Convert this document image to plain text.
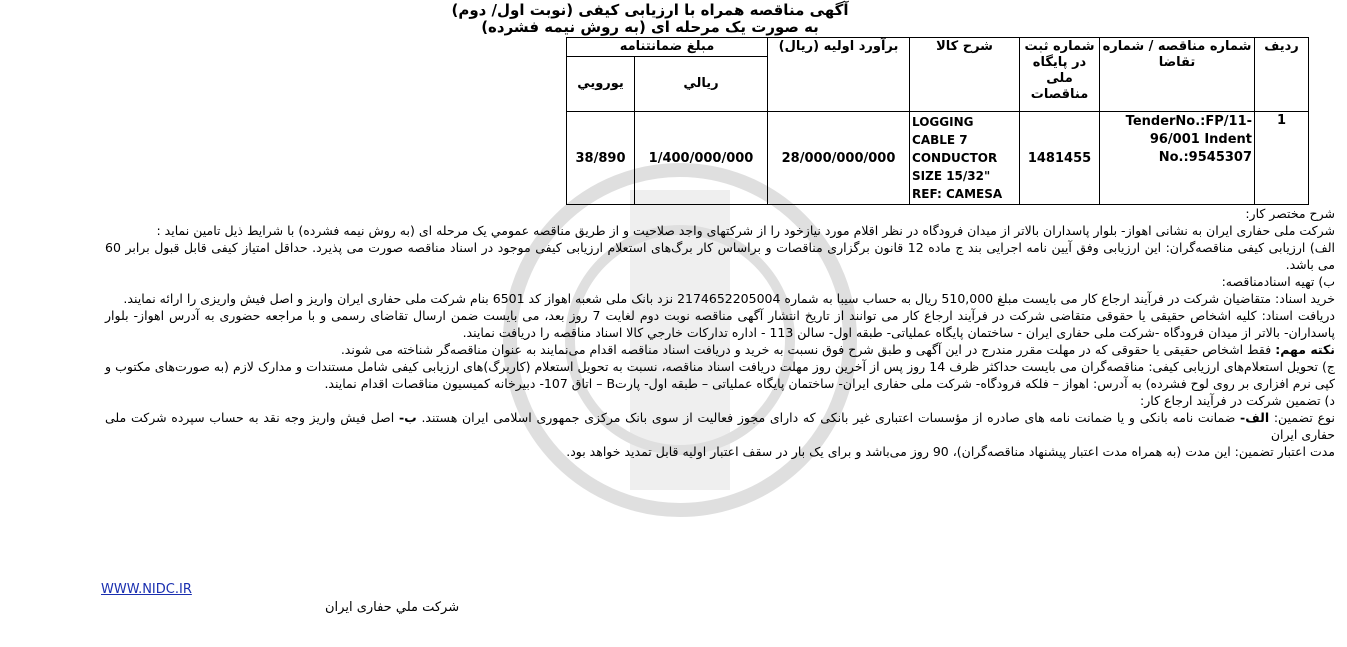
آگهی مناقصه همراه با ارزیابی کیفی (نوبت اول/ دوم)
به صورت یک مرحله ای (به روش نیمه فشرده)
ردیف	شماره مناقصه / شماره تقاضا	شماره ثبت در پایگاه ملی مناقصات	شرح کالا	برآورد اولیه (ریال)	مبلغ ضمانتنامه	
					ريالي	يورويي
1	TenderNo.:FP/11-96/001 Indent No.:9545307	1481455	LOGGING CABLE 7 CONDUCTOR SIZE 15/32" REF: CAMESA	28/000/000/000	1/400/000/000	38/890

شرح مختصر کار:

شرکت ملی حفاری ایران به نشانی اهواز- بلوار پاسداران بالاتر از میدان فرودگاه در نظر اقلام مورد نیازخود را از شرکتهای واجد صلاحیت و از طریق مناقصه عمومي یک مرحله ای (به روش نیمه فشرده) با شرایط ذیل تامین نماید :

الف) ارزیابی کیفی مناقصه‌گران: این ارزیابی وفق آیین نامه اجرایی بند ج ماده 12 قانون برگزاری مناقصات و براساس کار برگ‌های استعلام ارزیابی کیفی موجود در اسناد مناقصه صورت می پذیرد. حداقل امتیاز کیفی قابل قبول برابر 60 می باشد.

ب) تهیه اسنادمناقصه:

خرید اسناد: متقاضیان شرکت در فرآیند ارجاع کار می بایست مبلغ 510,000 ریال به حساب سیبا به شماره 2174652205004 نزد بانک ملی شعبه اهواز کد 6501 بنام شرکت ملی حفاری ایران واریز و اصل فیش واریزی را ارائه نمایند.

دریافت اسناد: کلیه اشخاص حقیقی یا حقوقی متقاضی شرکت در فرآیند ارجاع کار می توانند از تاریخ انتشار آگهی مناقصه نوبت دوم لغایت 7 روز بعد، می بایست ضمن ارسال تقاضای رسمی و با مراجعه حضوری به آدرس اهواز- بلوار پاسداران- بالاتر از میدان فرودگاه -شرکت ملی حفاری ایران - ساختمان پایگاه عملیاتی- طبقه اول- سالن 113 - اداره تدارکات خارجي کالا اسناد مناقصه را دریافت نمایند.

نکته مهم: فقط اشخاص حقیقی یا حقوقی که در مهلت مقرر مندرج در این آگهی و طبق شرح فوق نسبت به خرید و دریافت اسناد مناقصه اقدام می‌نمایند به عنوان مناقصه‌گر شناخته می شوند.

ج) تحویل استعلام‌های ارزیابی کیفی: مناقصه‌گران می بایست حداکثر ظرف 14 روز پس از آخرین روز مهلت دریافت اسناد مناقصه، نسبت به تحویل استعلام (کاربرگ)های ارزیابی کیفی شامل مستندات و مدارک لازم (به صورت‌های مکتوب و کپی نرم افزاری بر روی لوح فشرده) به آدرس: اهواز – فلکه فرودگاه- شرکت ملی حفاری ایران- ساختمان پایگاه عملیاتی – طبقه اول- پارتB – اتاق 107- دبیرخانه کمیسیون مناقصات اقدام نمایند.

د) تضمین شرکت در فرآیند ارجاع کار:

نوع تضمین: الف- ضمانت نامه بانکی و یا ضمانت نامه های صادره از مؤسسات اعتباری غیر بانکی که دارای مجوز فعالیت از سوی بانک مرکزی جمهوری اسلامی ایران هستند. ب- اصل فیش واریز وجه نقد به حساب سپرده شرکت ملی حفاری ایران

مدت اعتبار تضمین: این مدت (به همراه مدت اعتبار پیشنهاد مناقصه‌گران)، 90 روز می‌باشد و برای یک بار در سقف اعتبار اولیه قابل تمدید خواهد بود.

WWW.NIDC.IR
شرکت ملي حفاری ایران
